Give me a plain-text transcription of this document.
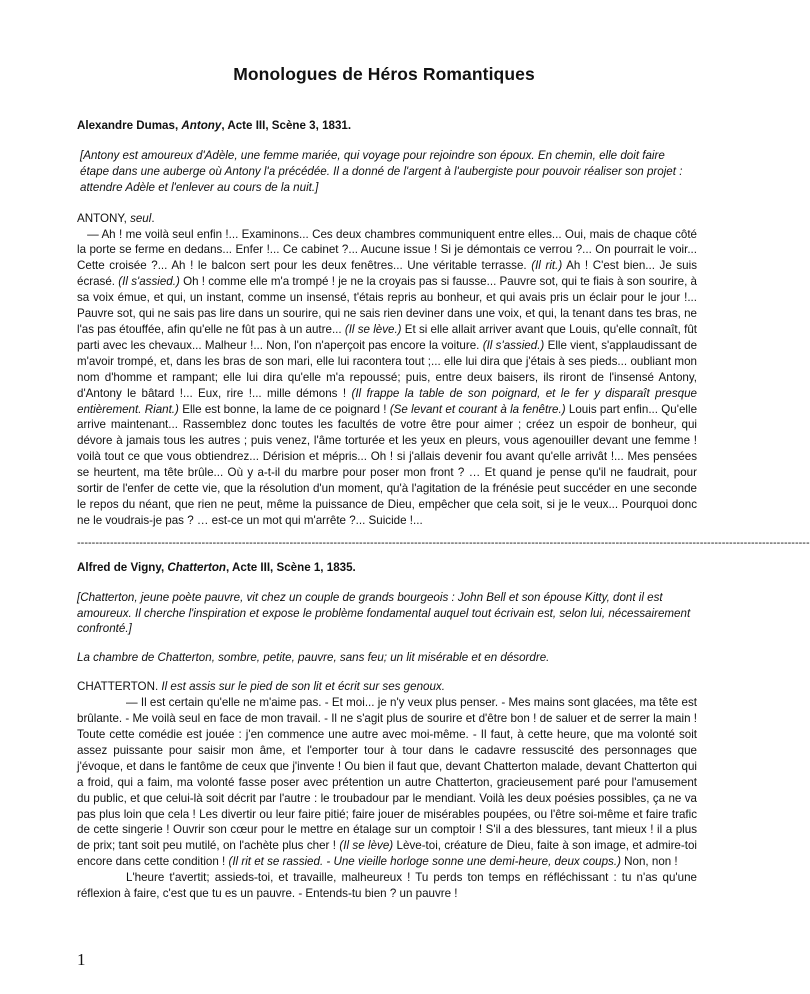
Monologues de Héros Romantiques

Alexandre Dumas, Antony, Acte III, Scène 3, 1831.

[Antony est amoureux d'Adèle, une femme mariée, qui voyage pour rejoindre son époux. En chemin, elle doit faire étape dans une auberge où Antony l'a précédée. Il a donné de l'argent à l'aubergiste pour pouvoir réaliser son projet : attendre Adèle et l'enlever au cours de la nuit.]

ANTONY, seul.

— Ah ! me voilà seul enfin !... Examinons... Ces deux chambres communiquent entre elles... Oui, mais de chaque côté la porte se ferme en dedans... Enfer !... Ce cabinet ?... Aucune issue ! Si je démontais ce verrou ?... On pourrait le voir... Cette croisée ?... Ah ! le balcon sert pour les deux fenêtres... Une véritable terrasse. (Il rit.) Ah ! C'est bien... Je suis écrasé. (Il s'assied.) Oh ! comme elle m'a trompé ! je ne la croyais pas si fausse... Pauvre sot, qui te fiais à son sourire, à sa voix émue, et qui, un instant, comme un insensé, t'étais repris au bonheur, et qui avais pris un éclair pour le jour !... Pauvre sot, qui ne sais pas lire dans un sourire, qui ne sais rien deviner dans une voix, et qui, la tenant dans tes bras, ne l'as pas étouffée, afin qu'elle ne fût pas à un autre... (Il se lève.) Et si elle allait arriver avant que Louis, qu'elle connaît, fût parti avec les chevaux... Malheur !... Non, l'on n'aperçoit pas encore la voiture. (Il s'assied.) Elle vient, s'applaudissant de m'avoir trompé, et, dans les bras de son mari, elle lui racontera tout ;... elle lui dira que j'étais à ses pieds... oubliant mon nom d'homme et rampant; elle lui dira qu'elle m'a repoussé; puis, entre deux baisers, ils riront de l'insensé Antony, d'Antony le bâtard !... Eux, rire !... mille démons ! (Il frappe la table de son poignard, et le fer y disparaît presque entièrement. Riant.) Elle est bonne, la lame de ce poignard ! (Se levant et courant à la fenêtre.) Louis part enfin... Qu'elle arrive maintenant... Rassemblez donc toutes les facultés de votre être pour aimer ; créez un espoir de bonheur, qui dévore à jamais tous les autres ; puis venez, l'âme torturée et les yeux en pleurs, vous agenouiller devant une femme ! voilà tout ce que vous obtiendrez... Dérision et mépris... Oh ! si j'allais devenir fou avant qu'elle arrivât !... Mes pensées se heurtent, ma tête brûle... Où y a-t-il du marbre pour poser mon front ? … Et quand je pense qu'il ne faudrait, pour sortir de l'enfer de cette vie, que la résolution d'un moment, qu'à l'agitation de la frénésie peut succéder en une seconde le repos du néant, que rien ne peut, même la puissance de Dieu, empêcher que cela soit, si je le veux... Pourquoi donc ne le voudrais-je pas ? … est-ce un mot qui m'arrête ?... Suicide !...

--------------------------------------------------------------------------------------------------------------------------------------------------------------------------------------------------------

Alfred de Vigny, Chatterton, Acte III, Scène 1, 1835.

[Chatterton, jeune poète pauvre, vit chez un couple de grands bourgeois : John Bell et son épouse Kitty, dont il est amoureux. Il cherche l'inspiration et expose le problème fondamental auquel tout écrivain est, selon lui, nécessairement confronté.]

La chambre de Chatterton, sombre, petite, pauvre, sans feu; un lit misérable et en désordre.

CHATTERTON. Il est assis sur le pied de son lit et écrit sur ses genoux.

— Il est certain qu'elle ne m'aime pas. - Et moi... je n'y veux plus penser. - Mes mains sont glacées, ma tête est brûlante. - Me voilà seul en face de mon travail. - Il ne s'agit plus de sourire et d'être bon ! de saluer et de serrer la main ! Toute cette comédie est jouée : j'en commence une autre avec moi-même. - Il faut, à cette heure, que ma volonté soit assez puissante pour saisir mon âme, et l'emporter tour à tour dans le cadavre ressuscité des personnages que j'évoque, et dans le fantôme de ceux que j'invente ! Ou bien il faut que, devant Chatterton malade, devant Chatterton qui a froid, qui a faim, ma volonté fasse poser avec prétention un autre Chatterton, gracieusement paré pour l'amusement du public, et que celui-là soit décrit par l'autre : le troubadour par le mendiant. Voilà les deux poésies possibles, ça ne va pas plus loin que cela ! Les divertir ou leur faire pitié; faire jouer de misérables poupées, ou l'être soi-même et faire trafic de cette singerie ! Ouvrir son cœur pour le mettre en étalage sur un comptoir ! S'il a des blessures, tant mieux ! il a plus de prix; tant soit peu mutilé, on l'achète plus cher ! (Il se lève) Lève-toi, créature de Dieu, faite à son image, et admire-toi encore dans cette condition ! (Il rit et se rassied. - Une vieille horloge sonne une demi-heure, deux coups.) Non, non !

L'heure t'avertit; assieds-toi, et travaille, malheureux ! Tu perds ton temps en réfléchissant : tu n'as qu'une réflexion à faire, c'est que tu es un pauvre. - Entends-tu bien ? un pauvre !

1
